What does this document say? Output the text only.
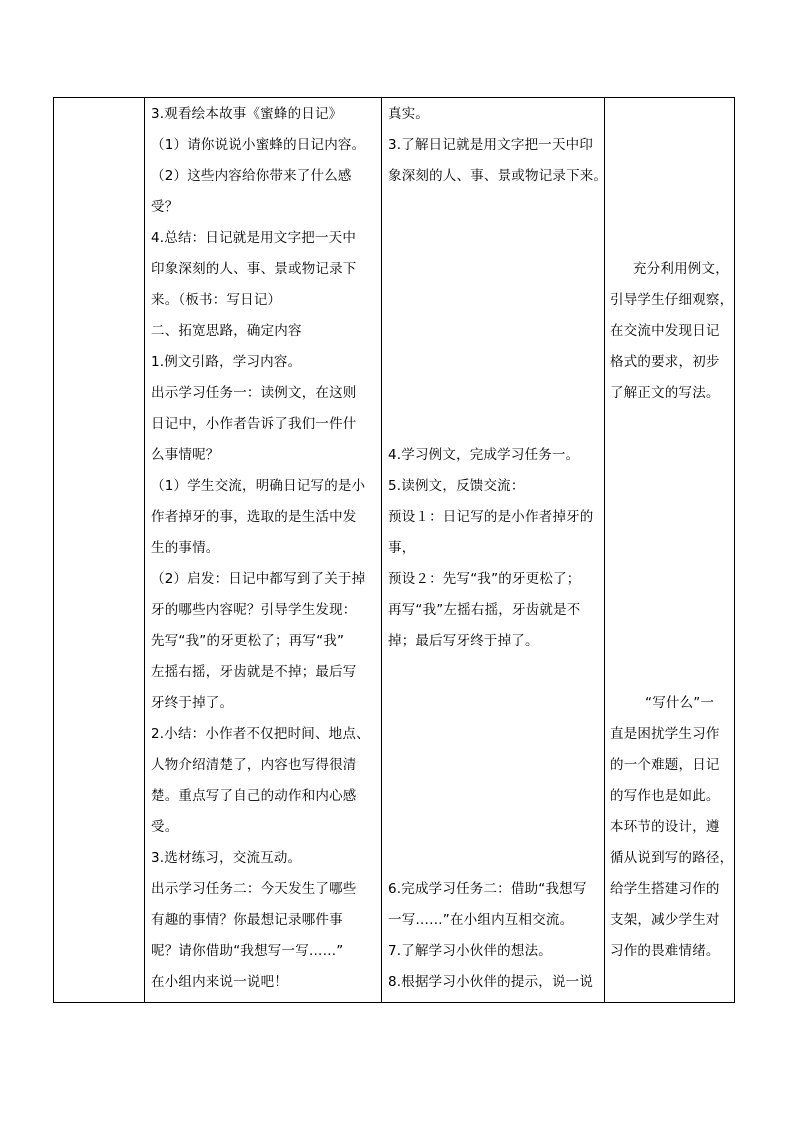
3.观看绘本故事《蜜蜂的日记》
（1）请你说说小蜜蜂的日记内容。
（2）这些内容给你带来了什么感
受？
4.总结：日记就是用文字把一天中
印象深刻的人、事、景或物记录下
来。（板书：写日记）
二、拓宽思路，确定内容
1.例文引路，学习内容。
出示学习任务一：读例文，在这则
日记中，小作者告诉了我们一件什
么事情呢？
（1）学生交流，明确日记写的是小
作者掉牙的事，选取的是生活中发
生的事情。
（2）启发：日记中都写到了关于掉
牙的哪些内容呢？引导学生发现：
先写“我”的牙更松了；再写“我”
左摇右摇，牙齿就是不掉；最后写
牙终于掉了。
2.小结：小作者不仅把时间、地点、
人物介绍清楚了，内容也写得很清
楚。重点写了自己的动作和内心感
受。
3.选材练习，交流互动。
出示学习任务二：今天发生了哪些
有趣的事情？你最想记录哪件事
呢？请你借助“我想写一写……”
在小组内来说一说吧！

真实。
3.了解日记就是用文字把一天中印
象深刻的人、事、景或物记录下来。
4.学习例文，完成学习任务一。
5.读例文，反馈交流：
预设１：日记写的是小作者掉牙的
事，
预设２：先写“我”的牙更松了；
再写“我”左摇右摇，牙齿就是不
掉；最后写牙终于掉了。
6.完成学习任务二：借助“我想写
一写……”在小组内互相交流。
7.了解学习小伙伴的想法。
8.根据学习小伙伴的提示，说一说

充分利用例文，
引导学生仔细观察，
在交流中发现日记
格式的要求，初步
了解正文的写法。
“写什么”一
直是困扰学生习作
的一个难题，日记
的写作也是如此。
本环节的设计，遵
循从说到写的路径，
给学生搭建习作的
支架，减少学生对
习作的畏难情绪。
